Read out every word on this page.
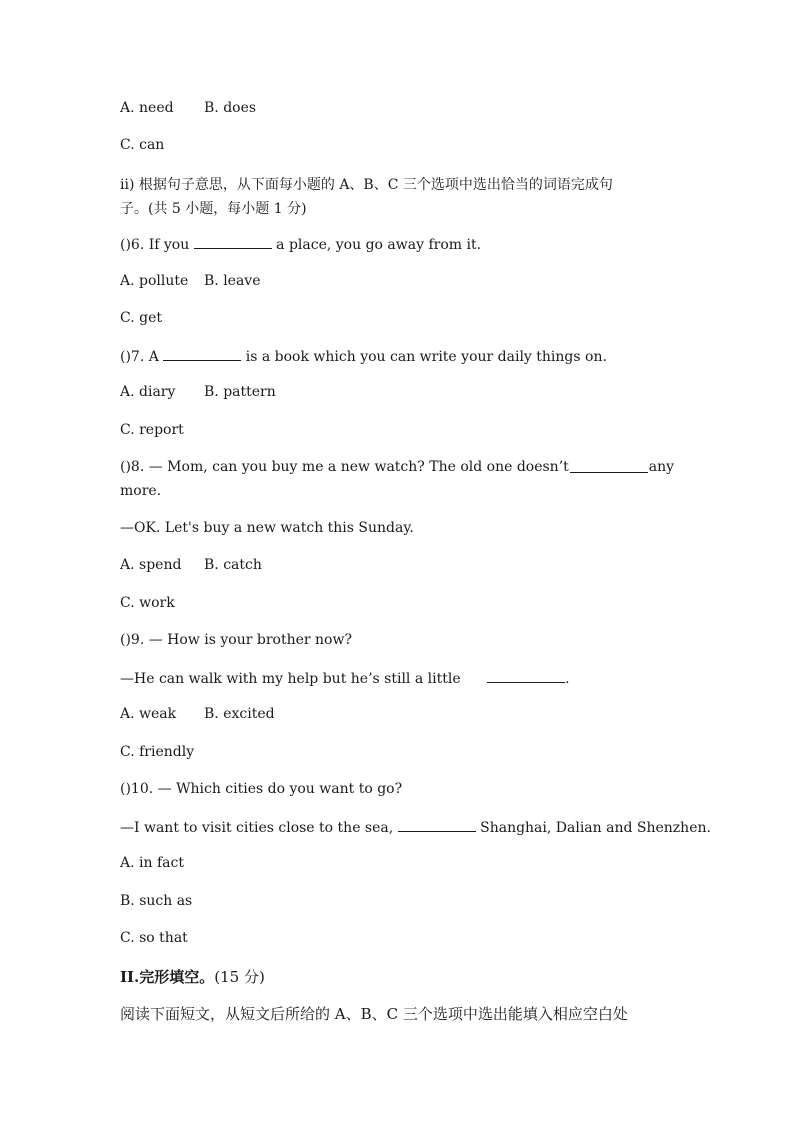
A. need B. does
C. can
ii) 根据句子意思，从下面每小题的 A、B、C 三个选项中选出恰当的词语完成句
子。(共 5 小题，每小题 1 分)
()6. If you	a place, you go away from it.
A. pollute B. leave
C. get
()7. A	is a book which you can write your daily things on.
A. diary B. pattern
C. report
()8. — Mom, can you buy me a new watch? The old one doesn’t	any
more.
—OK. Let's buy a new watch this Sunday.
A. spend B. catch
C. work
()9. — How is your brother now?
—He can walk with my help but he’s still a little	.
A. weak B. excited
C. friendly
()10. — Which cities do you want to go?
—I want to visit cities close to the sea,	Shanghai, Dalian and Shenzhen.
A. in fact
B. such as
C. so that
II.完形填空。(15 分)
阅读下面短文，从短文后所给的 A、B、C 三个选项中选出能填入相应空白处
